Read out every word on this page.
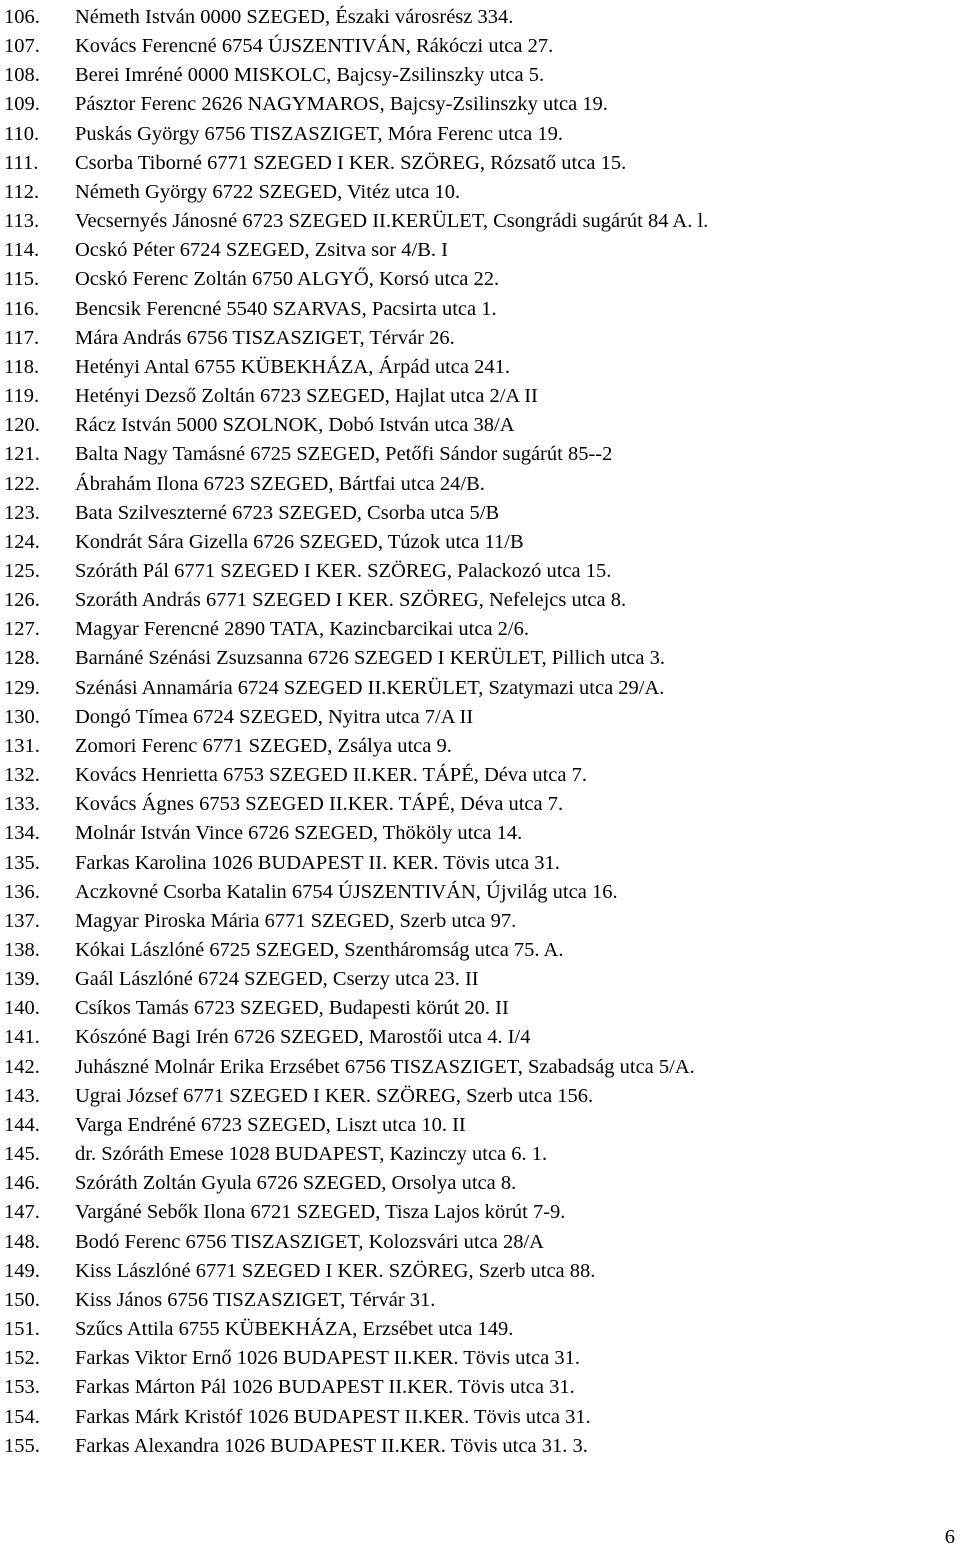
106.	Németh István 0000 SZEGED, Északi városrész 334.
107.	Kovács Ferencné 6754 ÚJSZENTIVÁN, Rákóczi utca 27.
108.	Berei Imréné 0000 MISKOLC, Bajcsy-Zsilinszky utca 5.
109.	Pásztor Ferenc 2626 NAGYMAROS, Bajcsy-Zsilinszky utca 19.
110.	Puskás György 6756 TISZASZIGET, Móra Ferenc utca 19.
111.	Csorba Tiborné 6771 SZEGED I KER. SZÖREG, Rózsatő utca 15.
112.	Németh György 6722 SZEGED, Vitéz utca 10.
113.	Vecsernyés Jánosné 6723 SZEGED II.KERÜLET, Csongrádi sugárút 84 A. l.
114.	Ocskó Péter 6724 SZEGED, Zsitva sor 4/B. I
115.	Ocskó Ferenc Zoltán 6750 ALGYŐ, Korsó utca 22.
116.	Bencsik Ferencné 5540 SZARVAS, Pacsirta utca 1.
117.	Mára András 6756 TISZASZIGET, Térvár 26.
118.	Hetényi Antal 6755 KÜBEKHÁZA, Árpád utca 241.
119.	Hetényi Dezső Zoltán 6723 SZEGED, Hajlat utca 2/A II
120.	Rácz István 5000 SZOLNOK, Dobó István utca 38/A
121.	Balta Nagy Tamásné 6725 SZEGED, Petőfi Sándor sugárút 85--2
122.	Ábrahám Ilona 6723 SZEGED, Bártfai utca 24/B.
123.	Bata Szilveszterné 6723 SZEGED, Csorba utca 5/B
124.	Kondrát Sára Gizella 6726 SZEGED, Túzok utca 11/B
125.	Szóráth Pál 6771 SZEGED I KER. SZÖREG, Palackozó utca 15.
126.	Szoráth András 6771 SZEGED I KER. SZÖREG, Nefelejcs utca 8.
127.	Magyar Ferencné 2890 TATA, Kazincbarcikai utca 2/6.
128.	Barnáné Szénási Zsuzsanna 6726 SZEGED I KERÜLET, Pillich utca 3.
129.	Szénási Annamária 6724 SZEGED II.KERÜLET, Szatymazi utca 29/A.
130.	Dongó Tímea 6724 SZEGED, Nyitra utca 7/A II
131.	Zomori Ferenc 6771 SZEGED, Zsálya utca 9.
132.	Kovács Henrietta 6753 SZEGED II.KER. TÁPÉ, Déva utca 7.
133.	Kovács Ágnes 6753 SZEGED II.KER. TÁPÉ, Déva utca 7.
134.	Molnár István Vince 6726 SZEGED, Thököly utca 14.
135.	Farkas Karolina 1026 BUDAPEST II. KER. Tövis utca 31.
136.	Aczkovné Csorba Katalin 6754 ÚJSZENTIVÁN, Újvilág utca 16.
137.	Magyar Piroska Mária 6771 SZEGED, Szerb utca 97.
138.	Kókai Lászlóné 6725 SZEGED, Szentháromság utca 75. A.
139.	Gaál Lászlóné 6724 SZEGED, Cserzy utca 23. II
140.	Csíkos Tamás 6723 SZEGED, Budapesti körút 20. II
141.	Kószóné Bagi Irén 6726 SZEGED, Marostői utca 4. I/4
142.	Juhászné Molnár Erika Erzsébet 6756 TISZASZIGET, Szabadság utca 5/A.
143.	Ugrai József 6771 SZEGED I KER. SZÖREG, Szerb utca 156.
144.	Varga Endréné 6723 SZEGED, Liszt utca 10. II
145.	dr. Szóráth Emese 1028 BUDAPEST, Kazinczy utca 6. 1.
146.	Szóráth Zoltán Gyula 6726 SZEGED, Orsolya utca 8.
147.	Vargáné Sebők Ilona 6721 SZEGED, Tisza Lajos körút 7-9.
148.	Bodó Ferenc 6756 TISZASZIGET, Kolozsvári utca 28/A
149.	Kiss Lászlóné 6771 SZEGED I KER. SZÖREG, Szerb utca 88.
150.	Kiss János 6756 TISZASZIGET, Térvár 31.
151.	Szűcs Attila 6755 KÜBEKHÁZA, Erzsébet utca 149.
152.	Farkas Viktor Ernő 1026 BUDAPEST II.KER. Tövis utca 31.
153.	Farkas Márton Pál 1026 BUDAPEST II.KER. Tövis utca 31.
154.	Farkas Márk Kristóf 1026 BUDAPEST II.KER. Tövis utca 31.
155.	Farkas Alexandra 1026 BUDAPEST II.KER. Tövis utca 31. 3.
6
